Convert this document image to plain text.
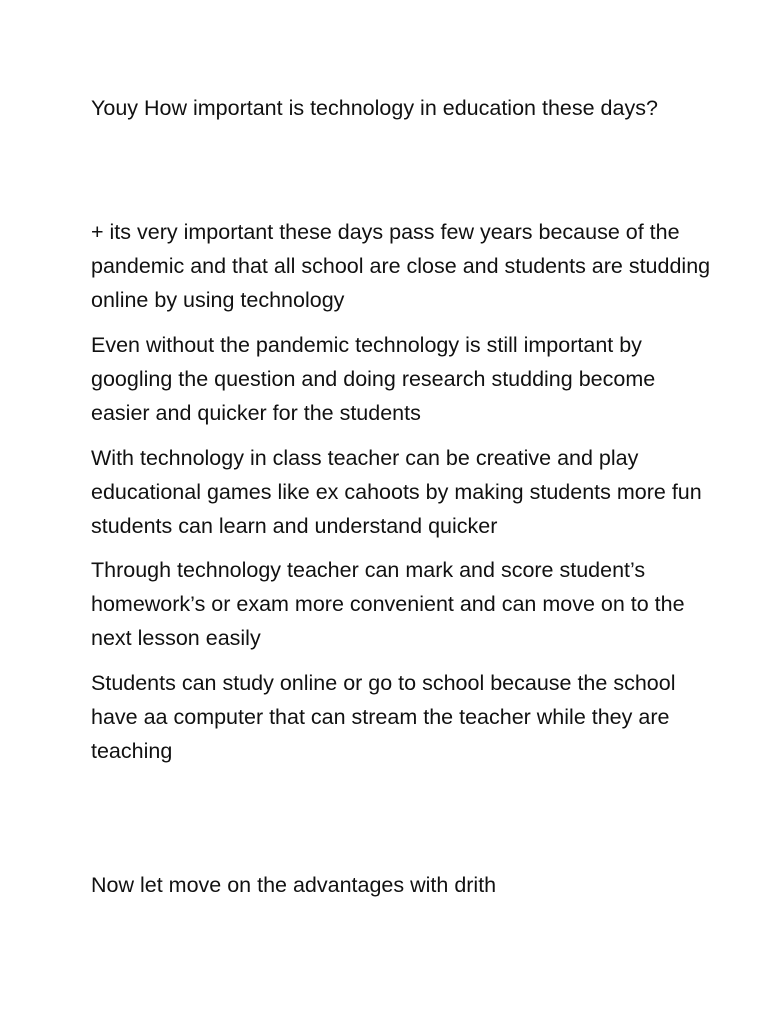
Youy How important is technology in education these days?

+ its very important these days pass few years because of the pandemic and that all school are close and students are studding online by using technology

Even without the pandemic technology is still important by googling the question and doing research studding become easier and quicker for the students

With technology in class teacher can be creative and play educational games like ex cahoots by making students more fun students can learn and understand quicker

Through technology teacher can mark and score student’s homework’s or exam more convenient and can move on to the next lesson easily

Students can study online or go to school because the school have aa computer that can stream the teacher while they are teaching

Now let move on the advantages with drith
